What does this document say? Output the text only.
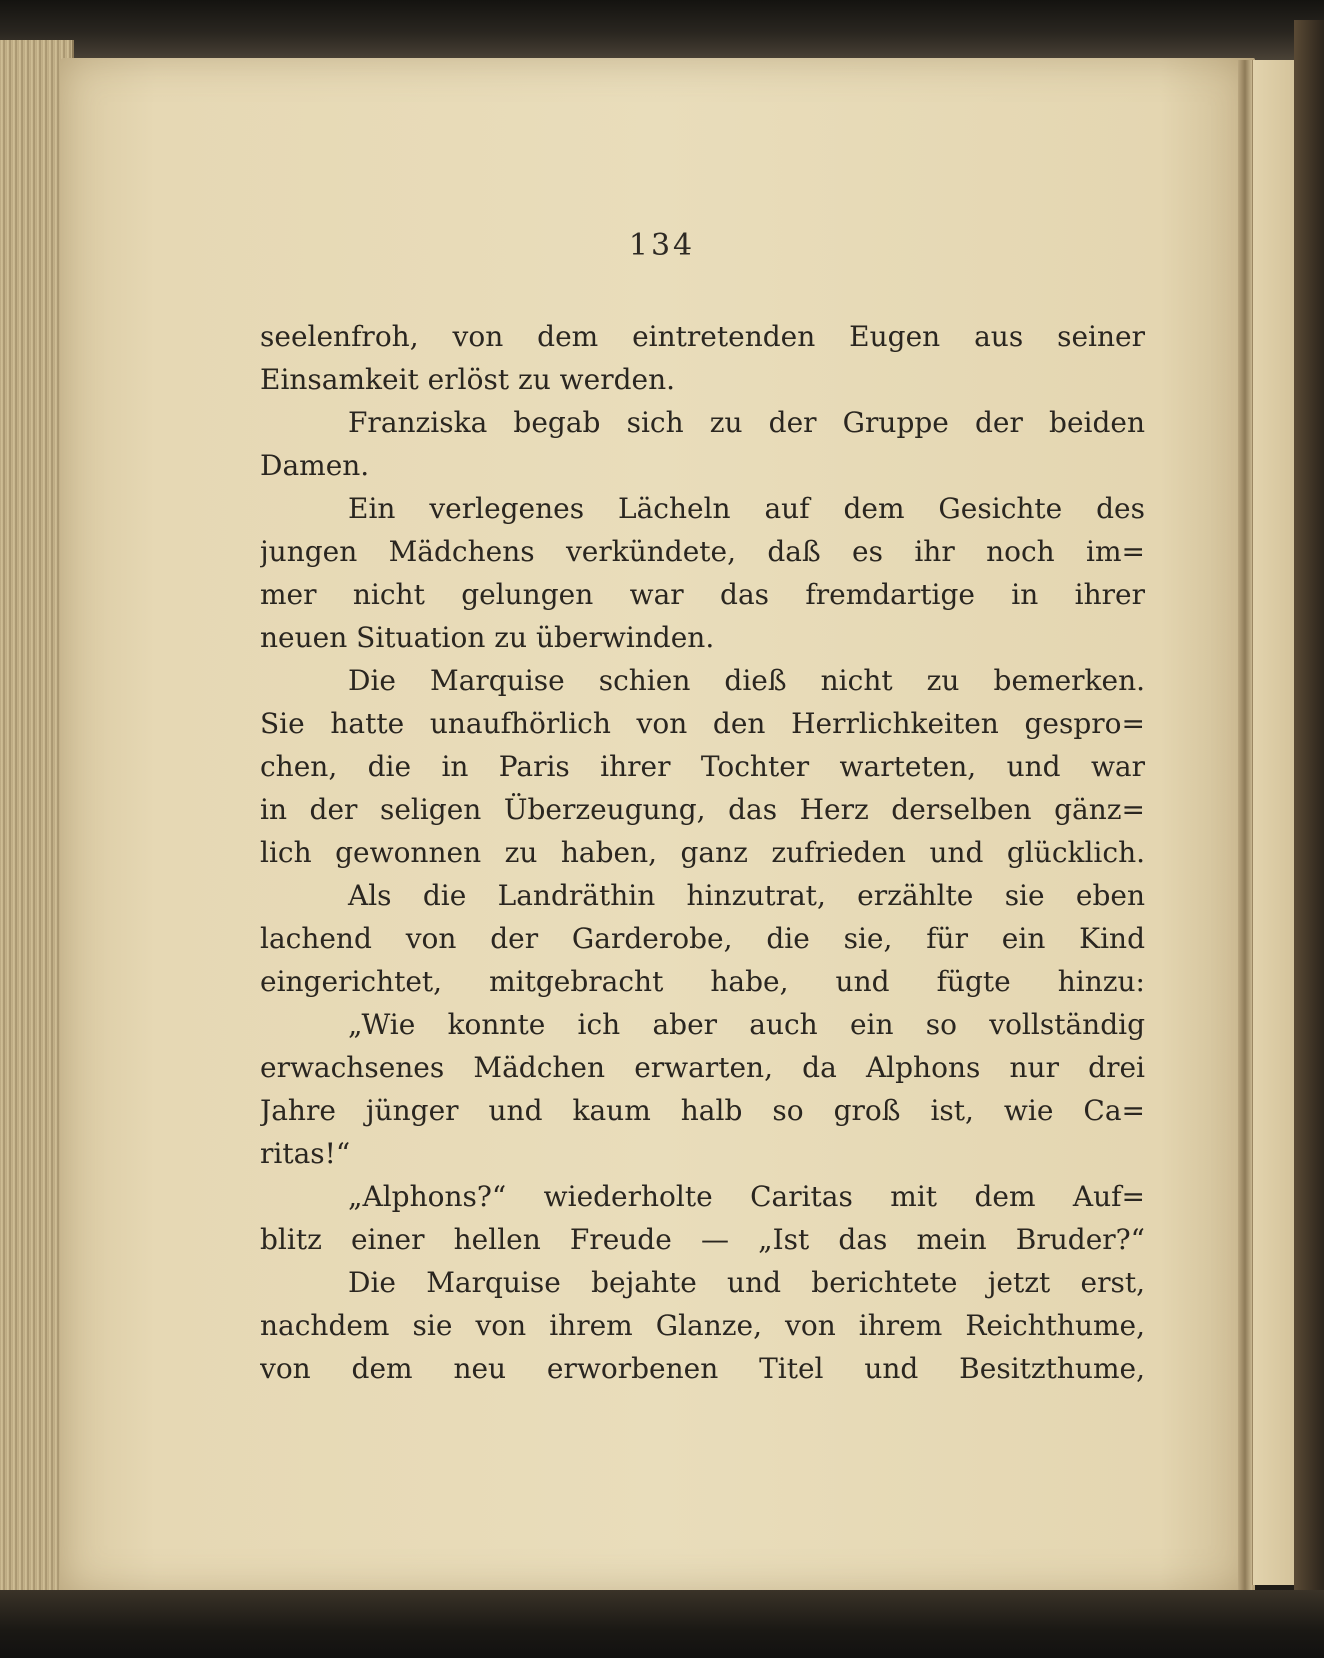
134

seelenfroh, von dem eintretenden Eugen aus seiner
Einsamkeit erlöst zu werden.
Franziska begab sich zu der Gruppe der beiden
Damen.
Ein verlegenes Lächeln auf dem Gesichte des
jungen Mädchens verkündete, daß es ihr noch im=
mer nicht gelungen war das fremdartige in ihrer
neuen Situation zu überwinden.
Die Marquise schien dieß nicht zu bemerken.
Sie hatte unaufhörlich von den Herrlichkeiten gespro=
chen, die in Paris ihrer Tochter warteten, und war
in der seligen Überzeugung, das Herz derselben gänz=
lich gewonnen zu haben, ganz zufrieden und glücklich.
Als die Landräthin hinzutrat, erzählte sie eben
lachend von der Garderobe, die sie, für ein Kind
eingerichtet, mitgebracht habe, und fügte hinzu:
„Wie konnte ich aber auch ein so vollständig
erwachsenes Mädchen erwarten, da Alphons nur drei
Jahre jünger und kaum halb so groß ist, wie Ca=
ritas!“
„Alphons?“ wiederholte Caritas mit dem Auf=
blitz einer hellen Freude — „Ist das mein Bruder?“
Die Marquise bejahte und berichtete jetzt erst,
nachdem sie von ihrem Glanze, von ihrem Reichthume,
von dem neu erworbenen Titel und Besitzthume,
